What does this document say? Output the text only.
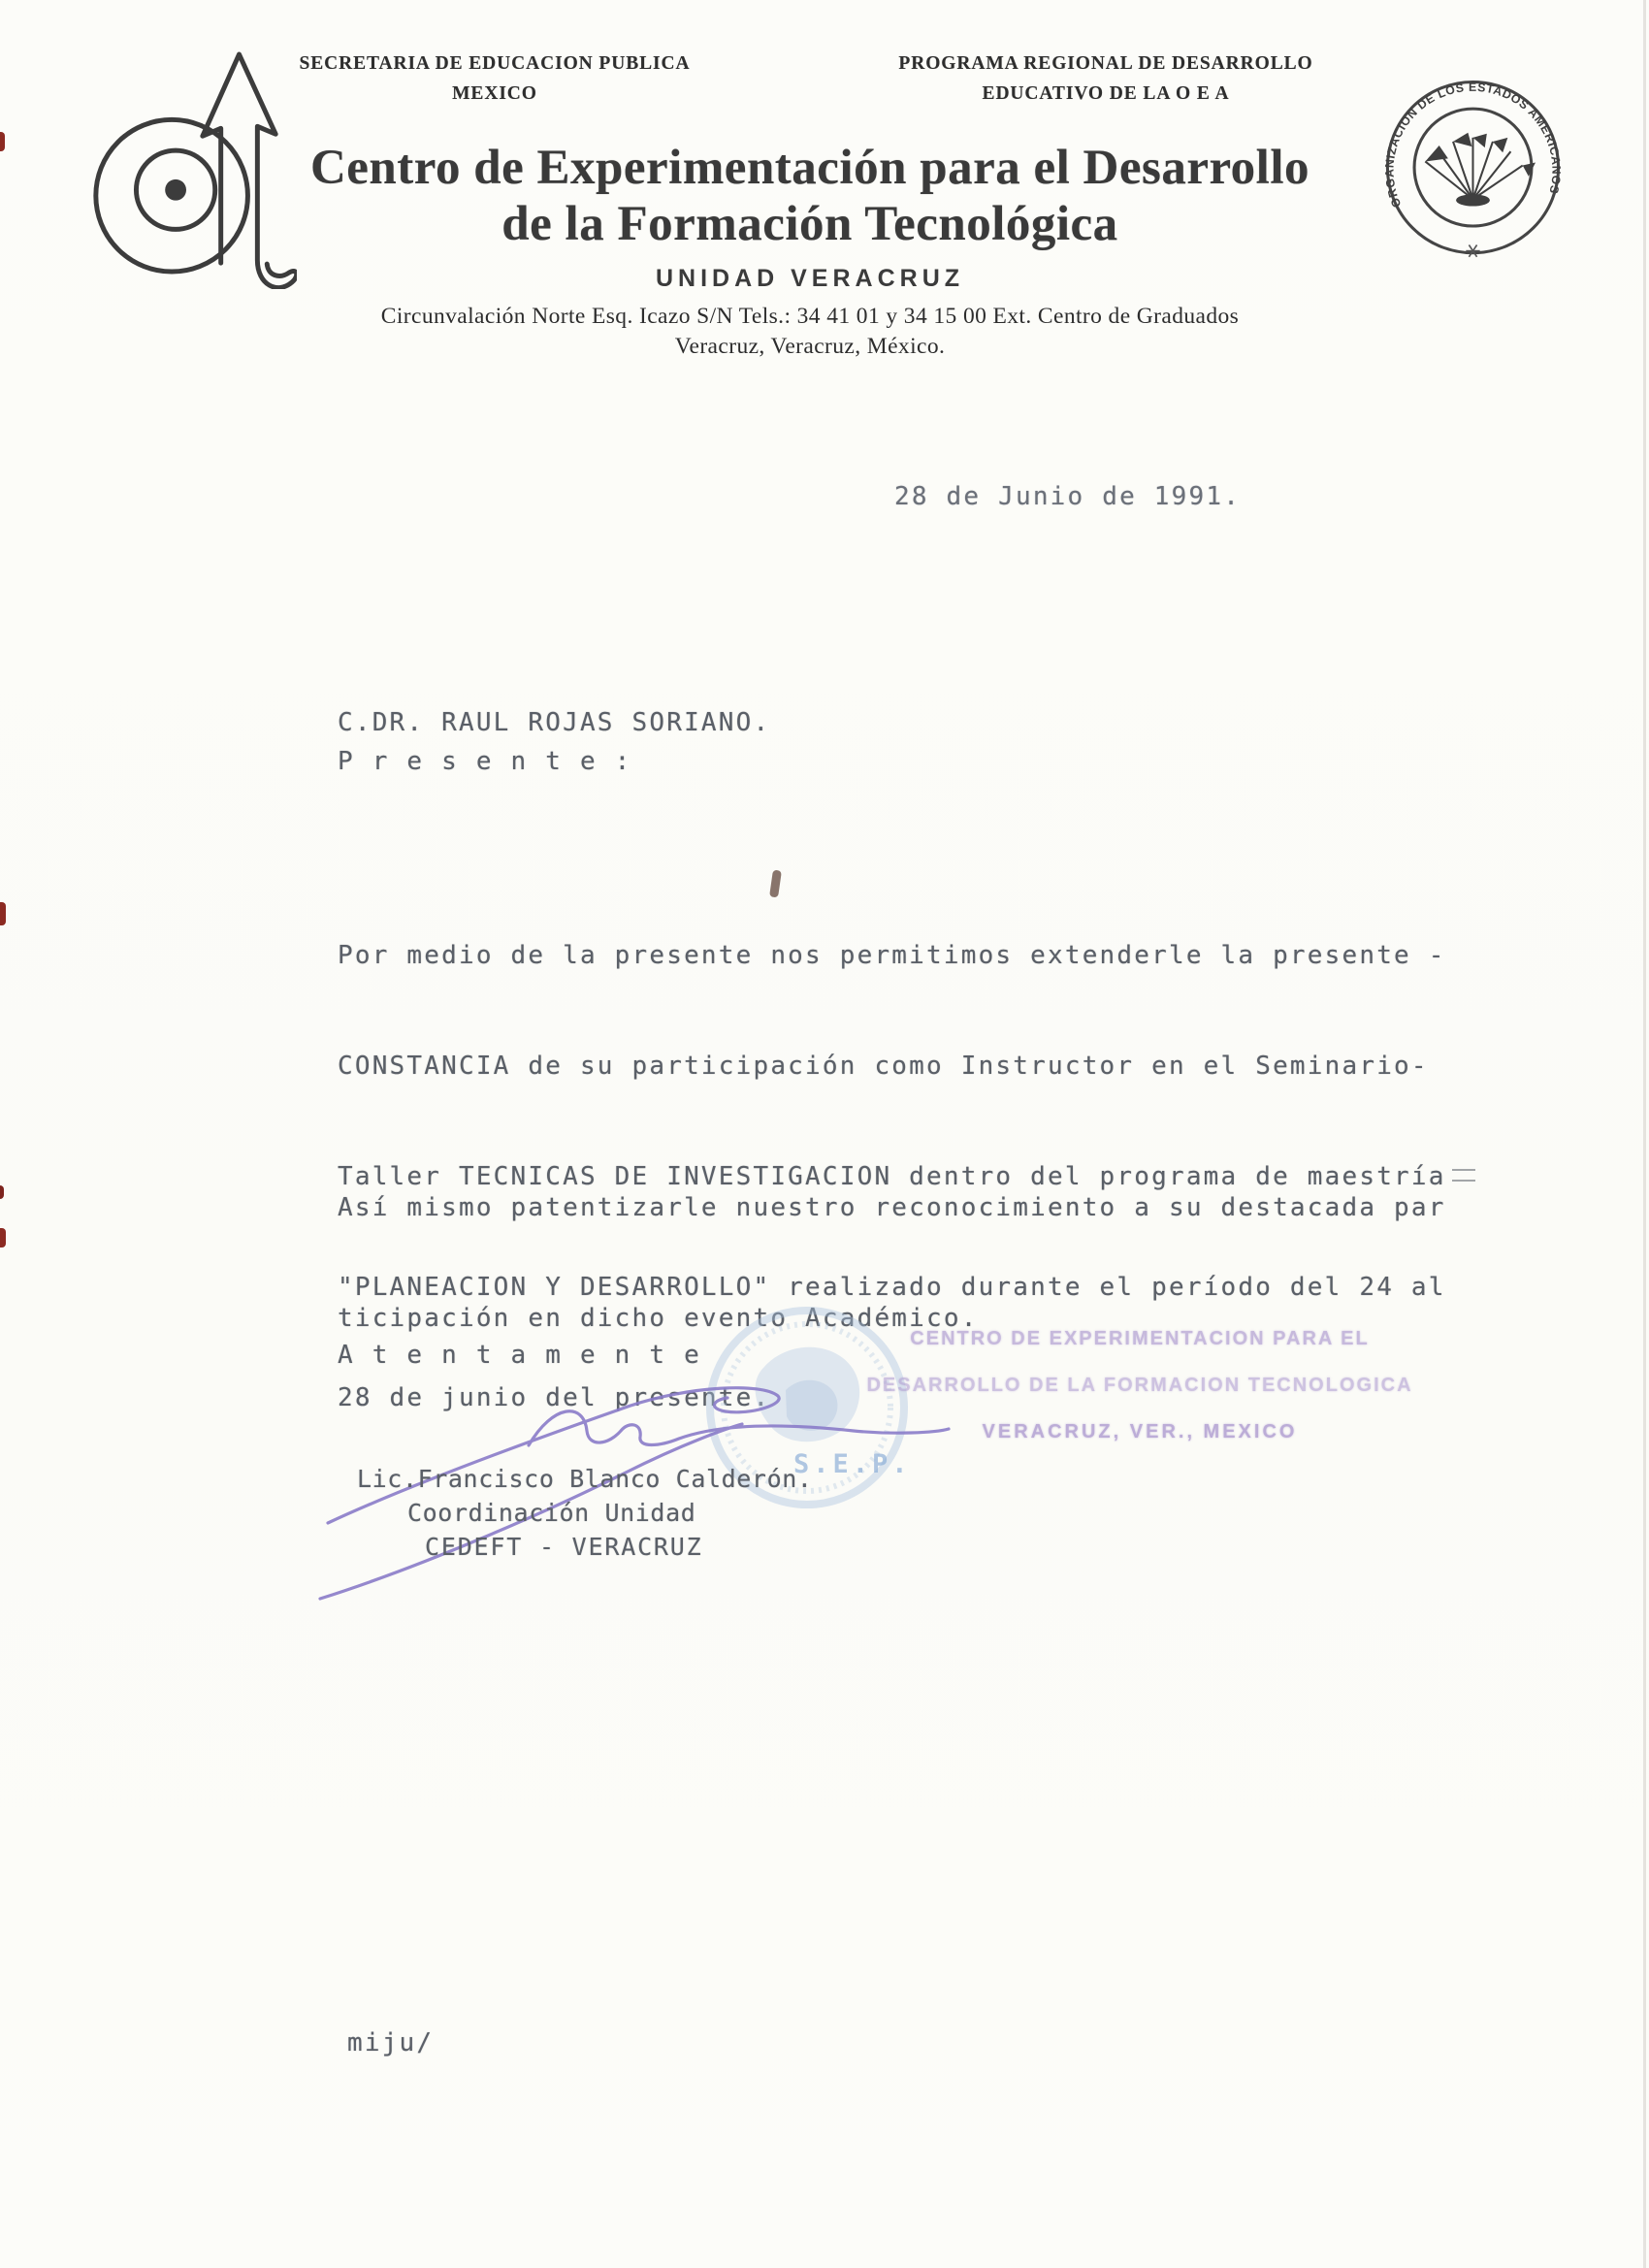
SECRETARIA DE EDUCACION PUBLICA
MEXICO
PROGRAMA REGIONAL DE DESARROLLO
EDUCATIVO DE LA O E A
ORGANIZACION DE LOS ESTADOS AMERICANOS
Centro de Experimentación para el Desarrollo
de la Formación Tecnológica
UNIDAD VERACRUZ
Circunvalación Norte Esq. Icazo S/N Tels.: 34 41 01 y 34 15 00 Ext. Centro de Graduados
Veracruz, Veracruz, México.
28 de Junio de 1991.
C.DR. RAUL ROJAS SORIANO.
P r e s e n t e :

Por medio de la presente nos permitimos extenderle la presente -

CONSTANCIA de su participación como Instructor en el Seminario-

Taller TECNICAS DE INVESTIGACION dentro del programa de maestría

"PLANEACION Y DESARROLLO" realizado durante el período del 24 al

28 de junio del presente.

Así mismo patentizarle nuestro reconocimiento a su destacada par

ticipación en dicho evento Académico.

A t e n t a m e n t e
S.E.P.
CENTRO DE EXPERIMENTACION PARA EL
DESARROLLO DE LA FORMACION TECNOLOGICA
VERACRUZ, VER., MEXICO
Lic.Francisco Blanco Calderón.
Coordinación Unidad
CEDEFT - VERACRUZ
miju/
